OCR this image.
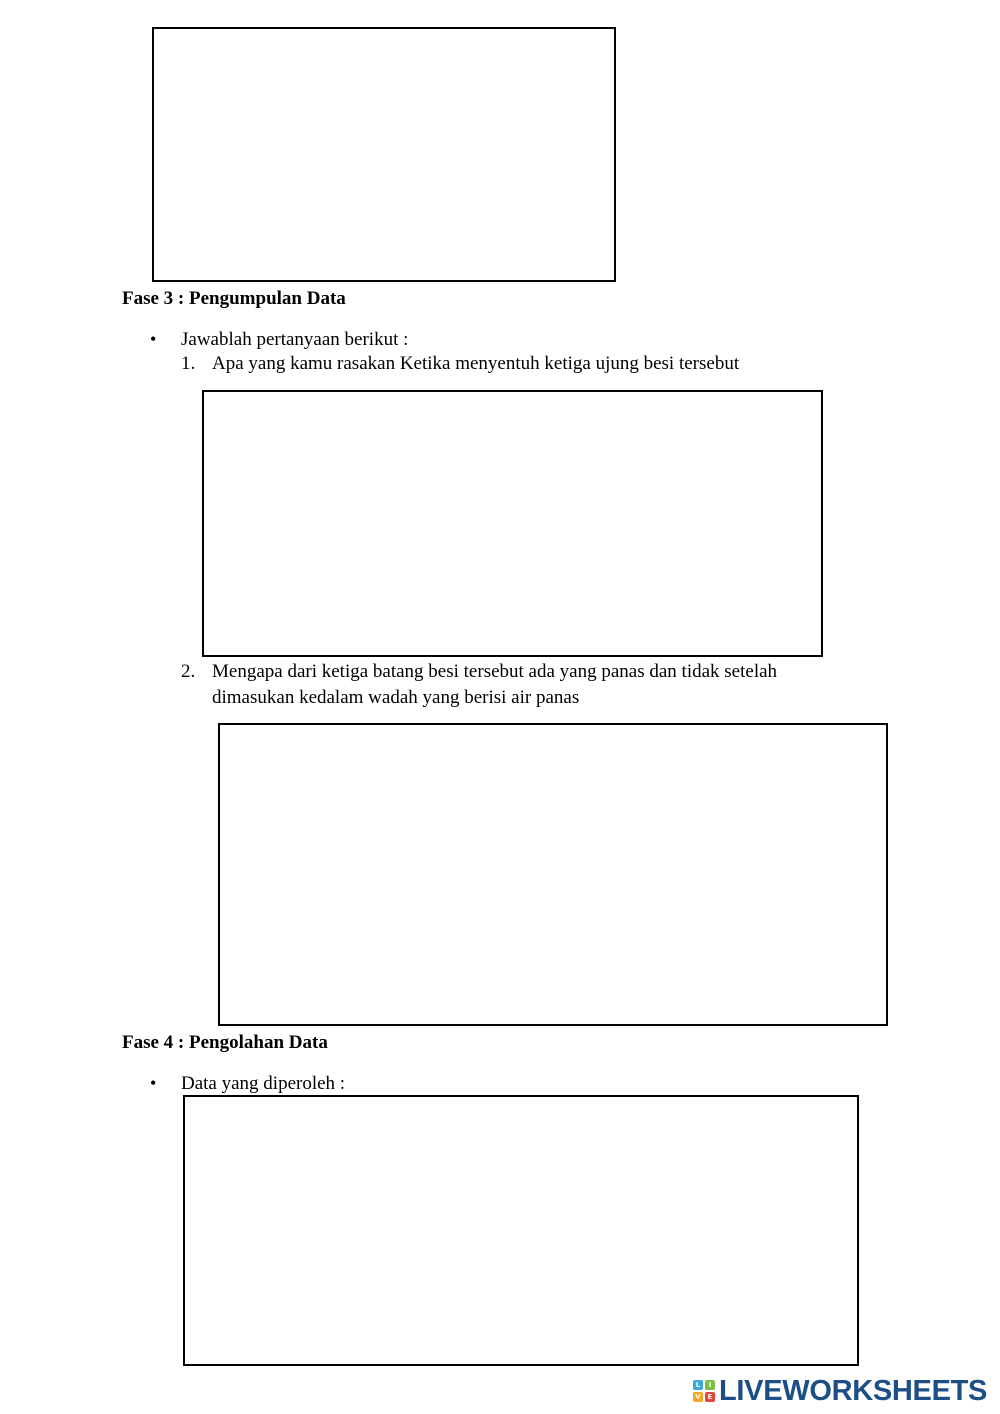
Fase 3 : Pengumpulan Data
• Jawablah pertanyaan berikut :
1. Apa yang kamu rasakan Ketika menyentuh ketiga ujung besi tersebut
2. Mengapa dari ketiga batang besi tersebut ada yang panas dan tidak setelah dimasukan kedalam wadah yang berisi air panas
Fase 4 : Pengolahan Data
• Data yang diperoleh :
L	I
V E LIVEWORKSHEETS
